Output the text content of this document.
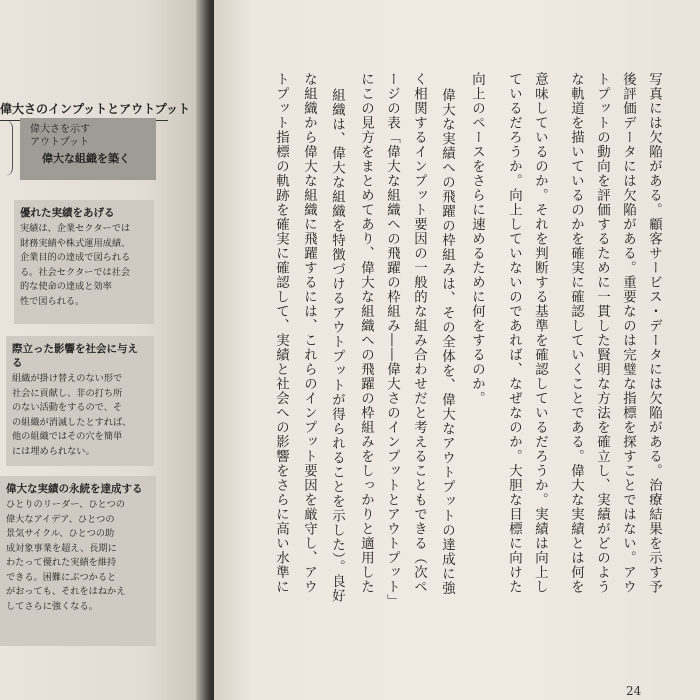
偉大さのインプットとアウトプット
偉大さを示す
アウトプット
偉大な組織を築く
優れた実績をあげる
実績は、企業セクターでは
財務実績や株式運用成績、
企業目的の達成で図られる
る。社会セクターでは社会
的な使命の達成と効率
性で図られる。
際立った影響を社会に与える
組織が掛け替えのない形で
社会に貢献し、非の打ち所
のない活動をするので、そ
の組織が消滅したとすれば、
他の組織ではその穴を簡単
には埋められない。
偉大な実績の永続を達成する
ひとりのリーダー、ひとつの
偉大なアイデア、ひとつの
景気サイクル、ひとつの助
成対象事業を超え、長期に
わたって優れた実績を維持
できる。困難にぶつかると
がおっても、それをはねかえ
してさらに強くなる。
写真には欠陥がある。顧客サービス・データには欠陥がある。治療結果を示す予
後評価データには欠陥がある。重要なのは完璧な指標を探すことではない。アウ
トプットの動向を評価するために一貫した賢明な方法を確立し、実績がどのよう
な軌道を描いているのかを確実に確認していくことである。偉大な実績とは何を
意味しているのか。それを判断する基準を確認しているだろうか。実績は向上し
ているだろうか。向上していないのであれば、なぜなのか。大胆な目標に向けた
向上のペースをさらに速めるために何をするのか。
偉大な実績への飛躍の枠組みは、その全体を、偉大なアウトプットの達成に強
く相関するインプット要因の一般的な組み合わせだと考えることもできる（次ペ
ージの表「偉大な組織への飛躍の枠組み――偉大さのインプットとアウトプット」
にこの見方をまとめてあり、偉大な組織への飛躍の枠組みをしっかりと適用した
組織は、偉大な組織を特徴づけるアウトプットが得られることを示した）。良好
な組織から偉大な組織に飛躍するには、これらのインプット要因を厳守し、アウ
トプット指標の軌跡を確実に確認して、実績と社会への影響をさらに高い水準に
24
